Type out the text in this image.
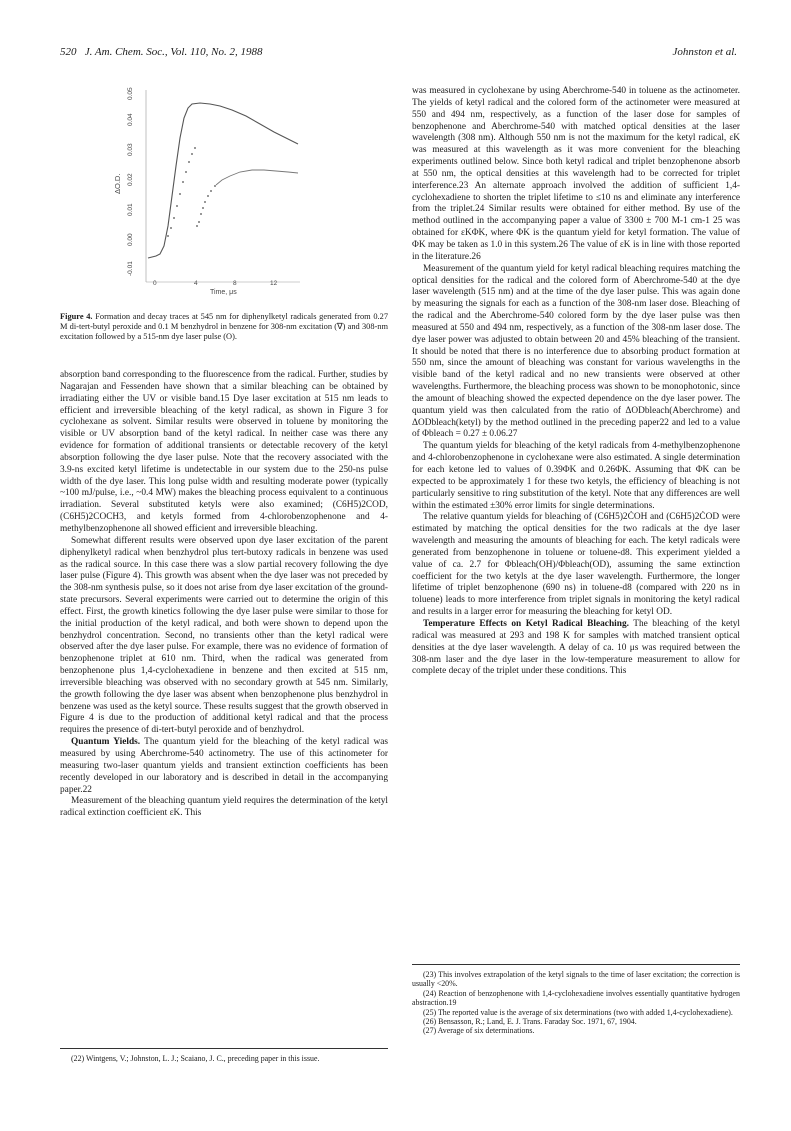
520 J. Am. Chem. Soc., Vol. 110, No. 2, 1988	Johnston et al.
-0.01
0.00
0.01
0.02
0.03
0.04
0.05
ΔO.D.
0	4	8	12
Time, μs
Figure 4. Formation and decay traces at 545 nm for diphenylketyl radicals generated from 0.27 M di-tert-butyl peroxide and 0.1 M benzhydrol in benzene for 308-nm excitation (∇) and 308-nm excitation followed by a 515-nm dye laser pulse (O).

absorption band corresponding to the fluorescence from the radical. Further, studies by Nagarajan and Fessenden have shown that a similar bleaching can be obtained by irradiating either the UV or visible band.15 Dye laser excitation at 515 nm leads to efficient and irreversible bleaching of the ketyl radical, as shown in Figure 3 for cyclohexane as solvent. Similar results were observed in toluene by monitoring the visible or UV absorption band of the ketyl radical. In neither case was there any evidence for formation of additional transients or detectable recovery of the ketyl absorption following the dye laser pulse. Note that the recovery associated with the 3.9-ns excited ketyl lifetime is undetectable in our system due to the 250-ns pulse width of the dye laser. This long pulse width and resulting moderate power (typically ~100 mJ/pulse, i.e., ~0.4 MW) makes the bleaching process equivalent to a continuous irradiation. Several substituted ketyls were also examined; (C6H5)2COD, (C6H5)2COCH3, and ketyls formed from 4-chlorobenzophenone and 4-methylbenzophenone all showed efficient and irreversible bleaching.

Somewhat different results were observed upon dye laser excitation of the parent diphenylketyl radical when benzhydrol plus tert-butoxy radicals in benzene was used as the radical source. In this case there was a slow partial recovery following the dye laser pulse (Figure 4). This growth was absent when the dye laser was not preceded by the 308-nm synthesis pulse, so it does not arise from dye laser excitation of the ground-state precursors. Several experiments were carried out to determine the origin of this effect. First, the growth kinetics following the dye laser pulse were similar to those for the initial production of the ketyl radical, and both were shown to depend upon the benzhydrol concentration. Second, no transients other than the ketyl radical were observed after the dye laser pulse. For example, there was no evidence of formation of benzophenone triplet at 610 nm. Third, when the radical was generated from benzophenone plus 1,4-cyclohexadiene in benzene and then excited at 515 nm, irreversible bleaching was observed with no secondary growth at 545 nm. Similarly, the growth following the dye laser was absent when benzophenone plus benzhydrol in benzene was used as the ketyl source. These results suggest that the growth observed in Figure 4 is due to the production of additional ketyl radical and that the process requires the presence of di-tert-butyl peroxide and of benzhydrol.

Quantum Yields. The quantum yield for the bleaching of the ketyl radical was measured by using Aberchrome-540 actinometry. The use of this actinometer for measuring two-laser quantum yields and transient extinction coefficients has been recently developed in our laboratory and is described in detail in the accompanying paper.22

Measurement of the bleaching quantum yield requires the determination of the ketyl radical extinction coefficient εK. This

(22) Wintgens, V.; Johnston, L. J.; Scaiano, J. C., preceding paper in this issue.

was measured in cyclohexane by using Aberchrome-540 in toluene as the actinometer. The yields of ketyl radical and the colored form of the actinometer were measured at 550 and 494 nm, respectively, as a function of the laser dose for samples of benzophenone and Aberchrome-540 with matched optical densities at the laser wavelength (308 nm). Although 550 nm is not the maximum for the ketyl radical, εK was measured at this wavelength as it was more convenient for the bleaching experiments outlined below. Since both ketyl radical and triplet benzophenone absorb at 550 nm, the optical densities at this wavelength had to be corrected for triplet interference.23 An alternate approach involved the addition of sufficient 1,4-cyclohexadiene to shorten the triplet lifetime to ≤10 ns and eliminate any interference from the triplet.24 Similar results were obtained for either method. By use of the method outlined in the accompanying paper a value of 3300 ± 700 M-1 cm-1 25 was obtained for εKΦK, where ΦK is the quantum yield for ketyl formation. The value of ΦK may be taken as 1.0 in this system.26 The value of εK is in line with those reported in the literature.26

Measurement of the quantum yield for ketyl radical bleaching requires matching the optical densities for the radical and the colored form of Aberchrome-540 at the dye laser wavelength (515 nm) and at the time of the dye laser pulse. This was again done by measuring the signals for each as a function of the 308-nm laser dose. Bleaching of the radical and the Aberchrome-540 colored form by the dye laser pulse was then measured at 550 and 494 nm, respectively, as a function of the 308-nm laser dose. The dye laser power was adjusted to obtain between 20 and 45% bleaching of the transient. It should be noted that there is no interference due to absorbing product formation at 550 nm, since the amount of bleaching was constant for various wavelengths in the visible band of the ketyl radical and no new transients were observed at other wavelengths. Furthermore, the bleaching process was shown to be monophotonic, since the amount of bleaching showed the expected dependence on the dye laser power. The quantum yield was then calculated from the ratio of ΔODbleach(Aberchrome) and ΔODbleach(ketyl) by the method outlined in the preceding paper22 and led to a value of Φbleach = 0.27 ± 0.06.27

The quantum yields for bleaching of the ketyl radicals from 4-methylbenzophenone and 4-chlorobenzophenone in cyclohexane were also estimated. A single determination for each ketone led to values of 0.39ΦK and 0.26ΦK. Assuming that ΦK can be expected to be approximately 1 for these two ketyls, the efficiency of bleaching is not particularly sensitive to ring substitution of the ketyl. Note that any differences are well within the estimated ±30% error limits for single determinations.

The relative quantum yields for bleaching of (C6H5)2ĊOH and (C6H5)2ĊOD were estimated by matching the optical densities for the two radicals at the dye laser wavelength and measuring the amounts of bleaching for each. The ketyl radicals were generated from benzophenone in toluene or toluene-d8. This experiment yielded a value of ca. 2.7 for Φbleach(OH)/Φbleach(OD), assuming the same extinction coefficient for the two ketyls at the dye laser wavelength. Furthermore, the longer lifetime of triplet benzophenone (690 ns) in toluene-d8 (compared with 220 ns in toluene) leads to more interference from triplet signals in monitoring the ketyl radical and results in a larger error for measuring the bleaching for ketyl OD.

Temperature Effects on Ketyl Radical Bleaching. The bleaching of the ketyl radical was measured at 293 and 198 K for samples with matched transient optical densities at the dye laser wavelength. A delay of ca. 10 μs was required between the 308-nm laser and the dye laser in the low-temperature measurement to allow for complete decay of the triplet under these conditions. This

(23) This involves extrapolation of the ketyl signals to the time of laser excitation; the correction is usually <20%.

(24) Reaction of benzophenone with 1,4-cyclohexadiene involves essentially quantitative hydrogen abstraction.19

(25) The reported value is the average of six determinations (two with added 1,4-cyclohexadiene).

(26) Bensasson, R.; Land, E. J. Trans. Faraday Soc. 1971, 67, 1904.

(27) Average of six determinations.
